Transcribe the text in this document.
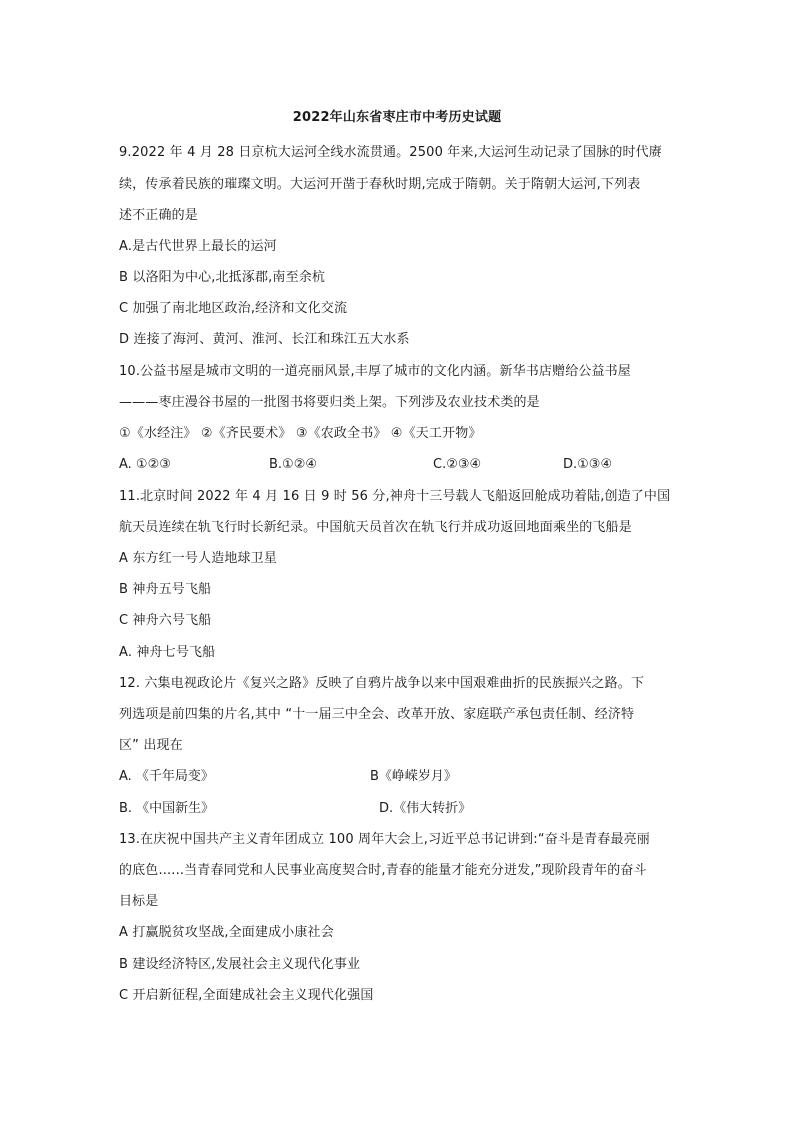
2022年山东省枣庄市中考历史试题
9.2022 年 4 月 28 日京杭大运河全线水流贯通。2500 年来,大运河生动记录了国脉的时代赓
续，传承着民族的璀璨文明。大运河开凿于春秋时期,完成于隋朝。关于隋朝大运河,下列表
述不正确的是
A.是古代世界上最长的运河
B 以洛阳为中心,北抵涿郡,南至余杭
C 加强了南北地区政治,经济和文化交流
D 连接了海河、黄河、淮河、长江和珠江五大水系
10.公益书屋是城市文明的一道亮丽风景,丰厚了城市的文化内涵。新华书店赠给公益书屋
———枣庄漫谷书屋的一批图书将要归类上架。下列涉及农业技术类的是
①《水经注》 ②《齐民要术》 ③《农政全书》 ④《天工开物》
A. ①②③	B.①②④	C.②③④	D.①③④
11.北京时间 2022 年 4 月 16 日 9 时 56 分,神舟十三号载人飞船返回舱成功着陆,创造了中国
航天员连续在轨飞行时长新纪录。中国航天员首次在轨飞行并成功返回地面乘坐的飞船是
A 东方红一号人造地球卫星
B 神舟五号飞船
C 神舟六号飞船
A. 神舟七号飞船
12. 六集电视政论片《复兴之路》反映了自鸦片战争以来中国艰难曲折的民族振兴之路。下
列选项是前四集的片名,其中 “十一届三中全会、改革开放、家庭联产承包责任制、经济特
区” 出现在
A. 《千年局变》	B《峥嵘岁月》
B. 《中国新生》	D.《伟大转折》
13.在庆祝中国共产主义青年团成立 100 周年大会上,习近平总书记讲到:“奋斗是青春最亮丽
的底色......当青春同党和人民事业高度契合时,青春的能量才能充分迸发,”现阶段青年的奋斗
目标是
A 打赢脱贫攻坚战,全面建成小康社会
B 建设经济特区,发展社会主义现代化事业
C 开启新征程,全面建成社会主义现代化强国
